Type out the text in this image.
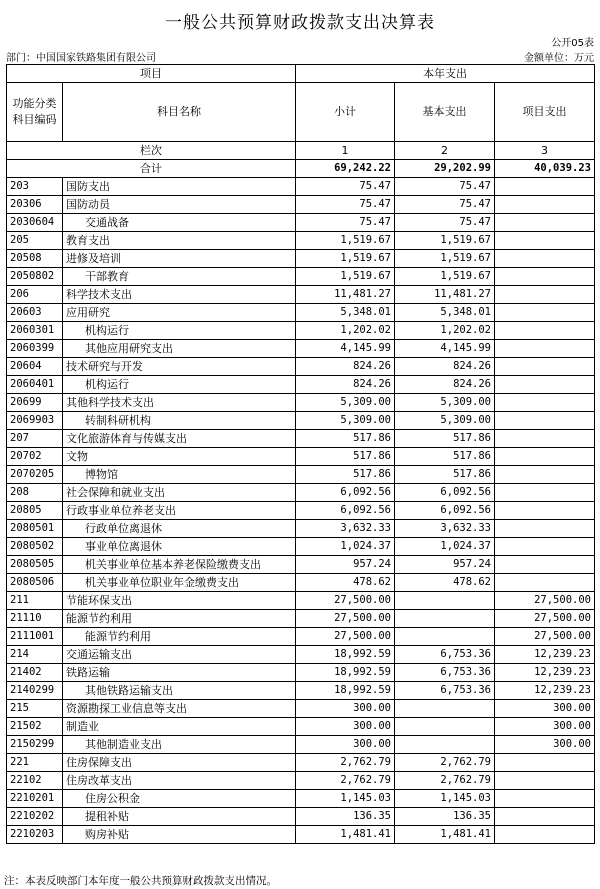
一般公共预算财政拨款支出决算表
公开05表
部门：中国国家铁路集团有限公司	金额单位：万元
项目		本年支出		
功能分类科目编码	科目名称	小计	基本支出	项目支出
栏次		1	2	3
合计		69,242.22	29,202.99	40,039.23
203	国防支出	75.47	75.47	
20306	国防动员	75.47	75.47	
2030604	交通战备	75.47	75.47	
205	教育支出	1,519.67	1,519.67	
20508	进修及培训	1,519.67	1,519.67	
2050802	干部教育	1,519.67	1,519.67	
206	科学技术支出	11,481.27	11,481.27	
20603	应用研究	5,348.01	5,348.01	
2060301	机构运行	1,202.02	1,202.02	
2060399	其他应用研究支出	4,145.99	4,145.99	
20604	技术研究与开发	824.26	824.26	
2060401	机构运行	824.26	824.26	
20699	其他科学技术支出	5,309.00	5,309.00	
2069903	转制科研机构	5,309.00	5,309.00	
207	文化旅游体育与传媒支出	517.86	517.86	
20702	文物	517.86	517.86	
2070205	博物馆	517.86	517.86	
208	社会保障和就业支出	6,092.56	6,092.56	
20805	行政事业单位养老支出	6,092.56	6,092.56	
2080501	行政单位离退休	3,632.33	3,632.33	
2080502	事业单位离退休	1,024.37	1,024.37	
2080505	机关事业单位基本养老保险缴费支出	957.24	957.24	
2080506	机关事业单位职业年金缴费支出	478.62	478.62	
211	节能环保支出	27,500.00		27,500.00
21110	能源节约利用	27,500.00		27,500.00
2111001	能源节约利用	27,500.00		27,500.00
214	交通运输支出	18,992.59	6,753.36	12,239.23
21402	铁路运输	18,992.59	6,753.36	12,239.23
2140299	其他铁路运输支出	18,992.59	6,753.36	12,239.23
215	资源勘探工业信息等支出	300.00		300.00
21502	制造业	300.00		300.00
2150299	其他制造业支出	300.00		300.00
221	住房保障支出	2,762.79	2,762.79	
22102	住房改革支出	2,762.79	2,762.79	
2210201	住房公积金	1,145.03	1,145.03	
2210202	提租补贴	136.35	136.35	
2210203	购房补贴	1,481.41	1,481.41	
注：本表反映部门本年度一般公共预算财政拨款支出情况。
